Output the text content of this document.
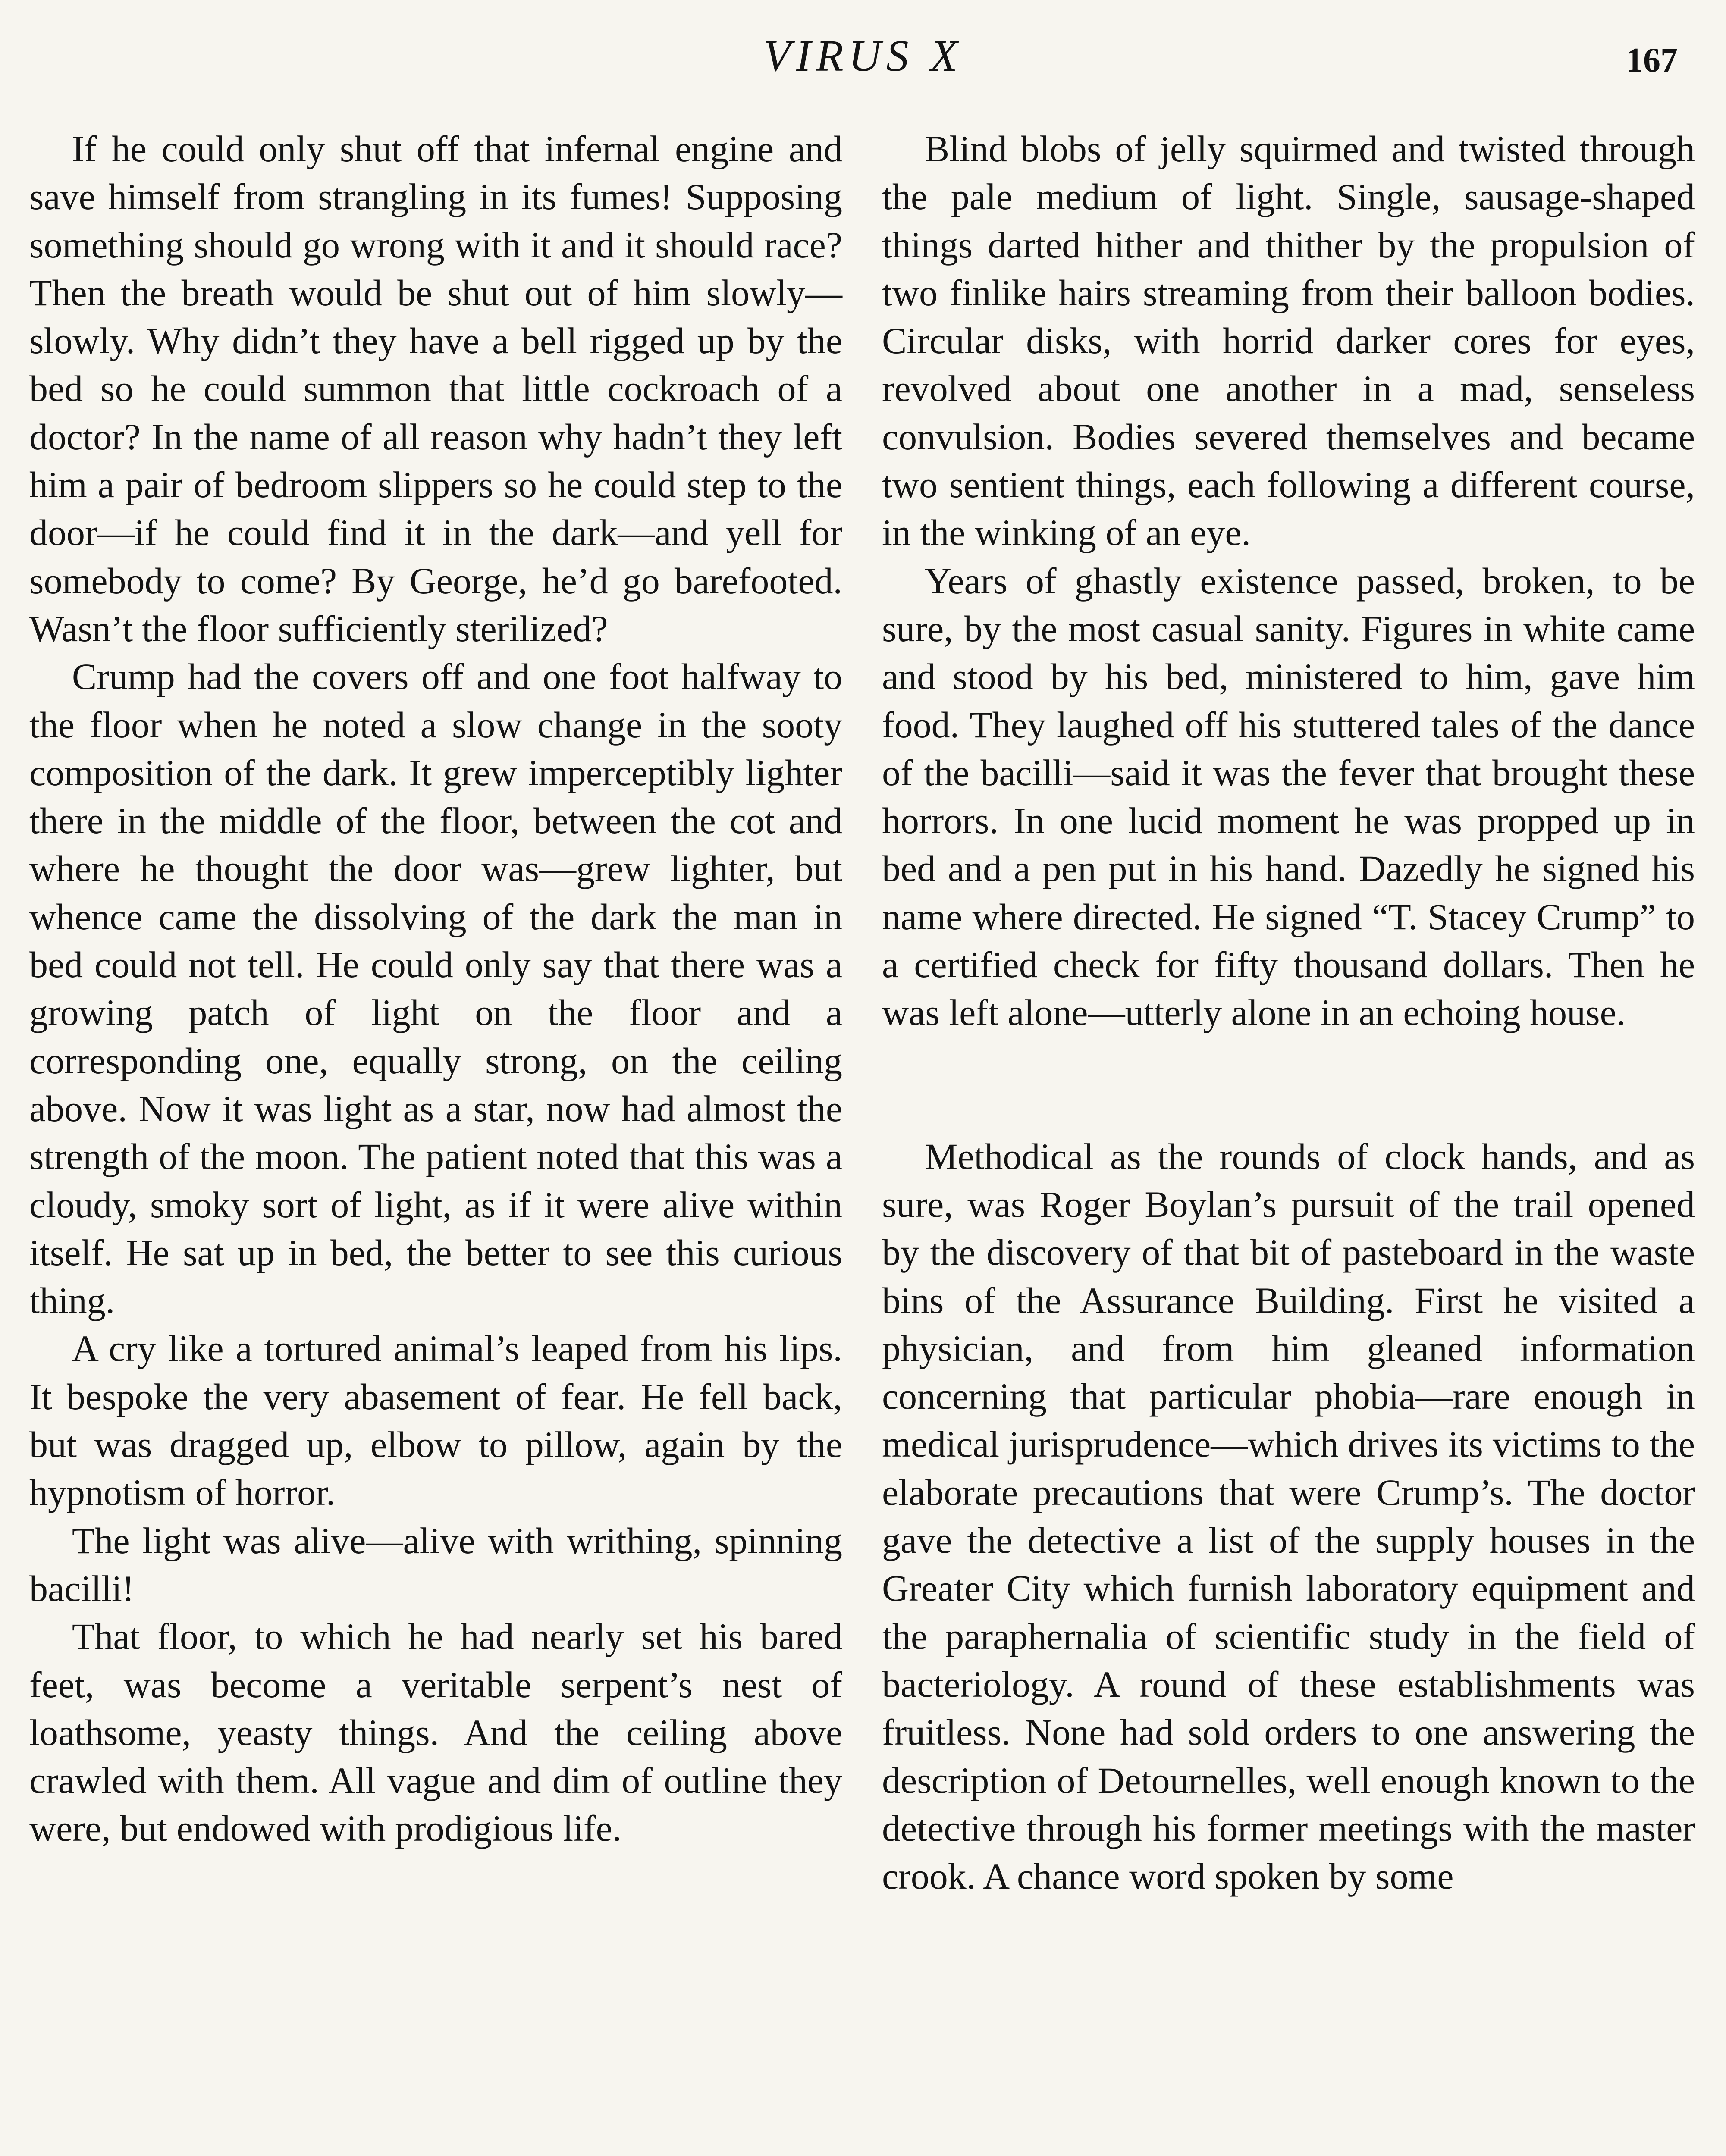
VIRUS X	167

If he could only shut off that infernal engine and save himself from strangling in its fumes! Supposing something should go wrong with it and it should race? Then the breath would be shut out of him slowly—slowly. Why didn’t they have a bell rigged up by the bed so he could summon that little cockroach of a doctor? In the name of all reason why hadn’t they left him a pair of bedroom slippers so he could step to the door—if he could find it in the dark—and yell for somebody to come? By George, he’d go barefooted. Wasn’t the floor sufficiently sterilized?

Crump had the covers off and one foot halfway to the floor when he noted a slow change in the sooty composition of the dark. It grew imperceptibly lighter there in the middle of the floor, between the cot and where he thought the door was—grew lighter, but whence came the dissolving of the dark the man in bed could not tell. He could only say that there was a growing patch of light on the floor and a corresponding one, equally strong, on the ceiling above. Now it was light as a star, now had almost the strength of the moon. The patient noted that this was a cloudy, smoky sort of light, as if it were alive within itself. He sat up in bed, the better to see this curious thing.

A cry like a tortured animal’s leaped from his lips. It bespoke the very abasement of fear. He fell back, but was dragged up, elbow to pillow, again by the hypnotism of horror.

The light was alive—alive with writhing, spinning bacilli!

That floor, to which he had nearly set his bared feet, was become a veritable serpent’s nest of loathsome, yeasty things. And the ceiling above crawled with them. All vague and dim of outline they were, but endowed with prodigious life.

Blind blobs of jelly squirmed and twisted through the pale medium of light. Single, sausage-shaped things darted hither and thither by the propulsion of two finlike hairs streaming from their balloon bodies. Circular disks, with horrid darker cores for eyes, revolved about one another in a mad, senseless convulsion. Bodies severed themselves and became two sentient things, each following a different course, in the winking of an eye.

Years of ghastly existence passed, broken, to be sure, by the most casual sanity. Figures in white came and stood by his bed, ministered to him, gave him food. They laughed off his stuttered tales of the dance of the bacilli—said it was the fever that brought these horrors. In one lucid moment he was propped up in bed and a pen put in his hand. Dazedly he signed his name where directed. He signed “T. Stacey Crump” to a certified check for fifty thousand dollars. Then he was left alone—utterly alone in an echoing house.

Methodical as the rounds of clock hands, and as sure, was Roger Boylan’s pursuit of the trail opened by the discovery of that bit of pasteboard in the waste bins of the Assurance Building. First he visited a physician, and from him gleaned information concerning that particular phobia—rare enough in medical jurisprudence—which drives its victims to the elaborate precautions that were Crump’s. The doctor gave the detective a list of the supply houses in the Greater City which furnish laboratory equipment and the paraphernalia of scientific study in the field of bacteriology. A round of these establishments was fruitless. None had sold orders to one answering the description of Detournelles, well enough known to the detective through his former meetings with the master crook. A chance word spoken by some
